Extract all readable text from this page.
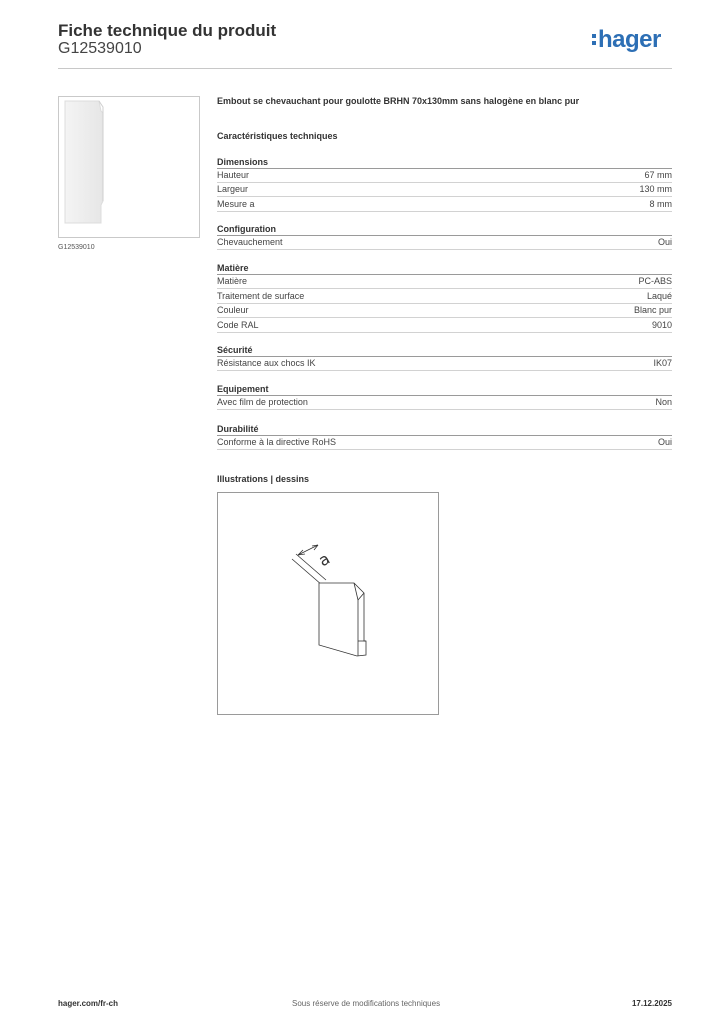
Fiche technique du produit
G12539010	hager
G12539010
Embout se chevauchant pour goulotte BRHN 70x130mm sans halogène en blanc pur
Caractéristiques techniques
Dimensions
Hauteur	67 mm
Largeur	130 mm
Mesure a	8 mm
Configuration
Chevauchement	Oui
Matière
Matière	PC-ABS
Traitement de surface	Laqué
Couleur	Blanc pur
Code RAL	9010
Sécurité
Résistance aux chocs IK	IK07
Equipement
Avec film de protection	Non
Durabilité
Conforme à la directive RoHS	Oui
Illustrations | dessins
a
hager.com/fr-ch	Sous réserve de modifications techniques	17.12.2025
